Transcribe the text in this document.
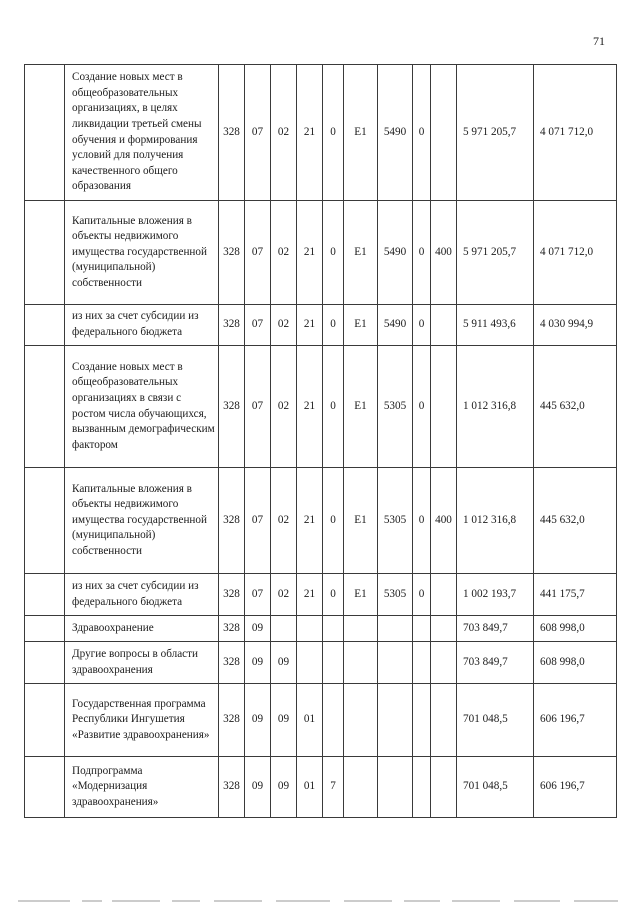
71
	Создание новых мест в общеобразовательных организациях, в целях ликвидации третьей смены обучения и формирования условий для получения качественного общего образования	328	07	02	21	0	E1	5490	0		5 971 205,7	4 071 712,0
	Капитальные вложения в объекты недвижимого имущества государственной (муниципальной) собственности	328	07	02	21	0	E1	5490	0	400	5 971 205,7	4 071 712,0
	из них за счет субсидии из федерального бюджета	328	07	02	21	0	E1	5490	0		5 911 493,6	4 030 994,9
	Создание новых мест в общеобразовательных организациях в связи с ростом числа обучающихся, вызванным демографическим фактором	328	07	02	21	0	E1	5305	0		1 012 316,8	445 632,0
	Капитальные вложения в объекты недвижимого имущества государственной (муниципальной) собственности	328	07	02	21	0	E1	5305	0	400	1 012 316,8	445 632,0
	из них за счет субсидии из федерального бюджета	328	07	02	21	0	E1	5305	0		1 002 193,7	441 175,7
	Здравоохранение	328	09								703 849,7	608 998,0
	Другие вопросы в области здравоохранения	328	09	09							703 849,7	608 998,0
	Государственная программа Республики Ингушетия «Развитие здравоохранения»	328	09	09	01						701 048,5	606 196,7
	Подпрограмма «Модернизация здравоохранения»	328	09	09	01	7					701 048,5	606 196,7
